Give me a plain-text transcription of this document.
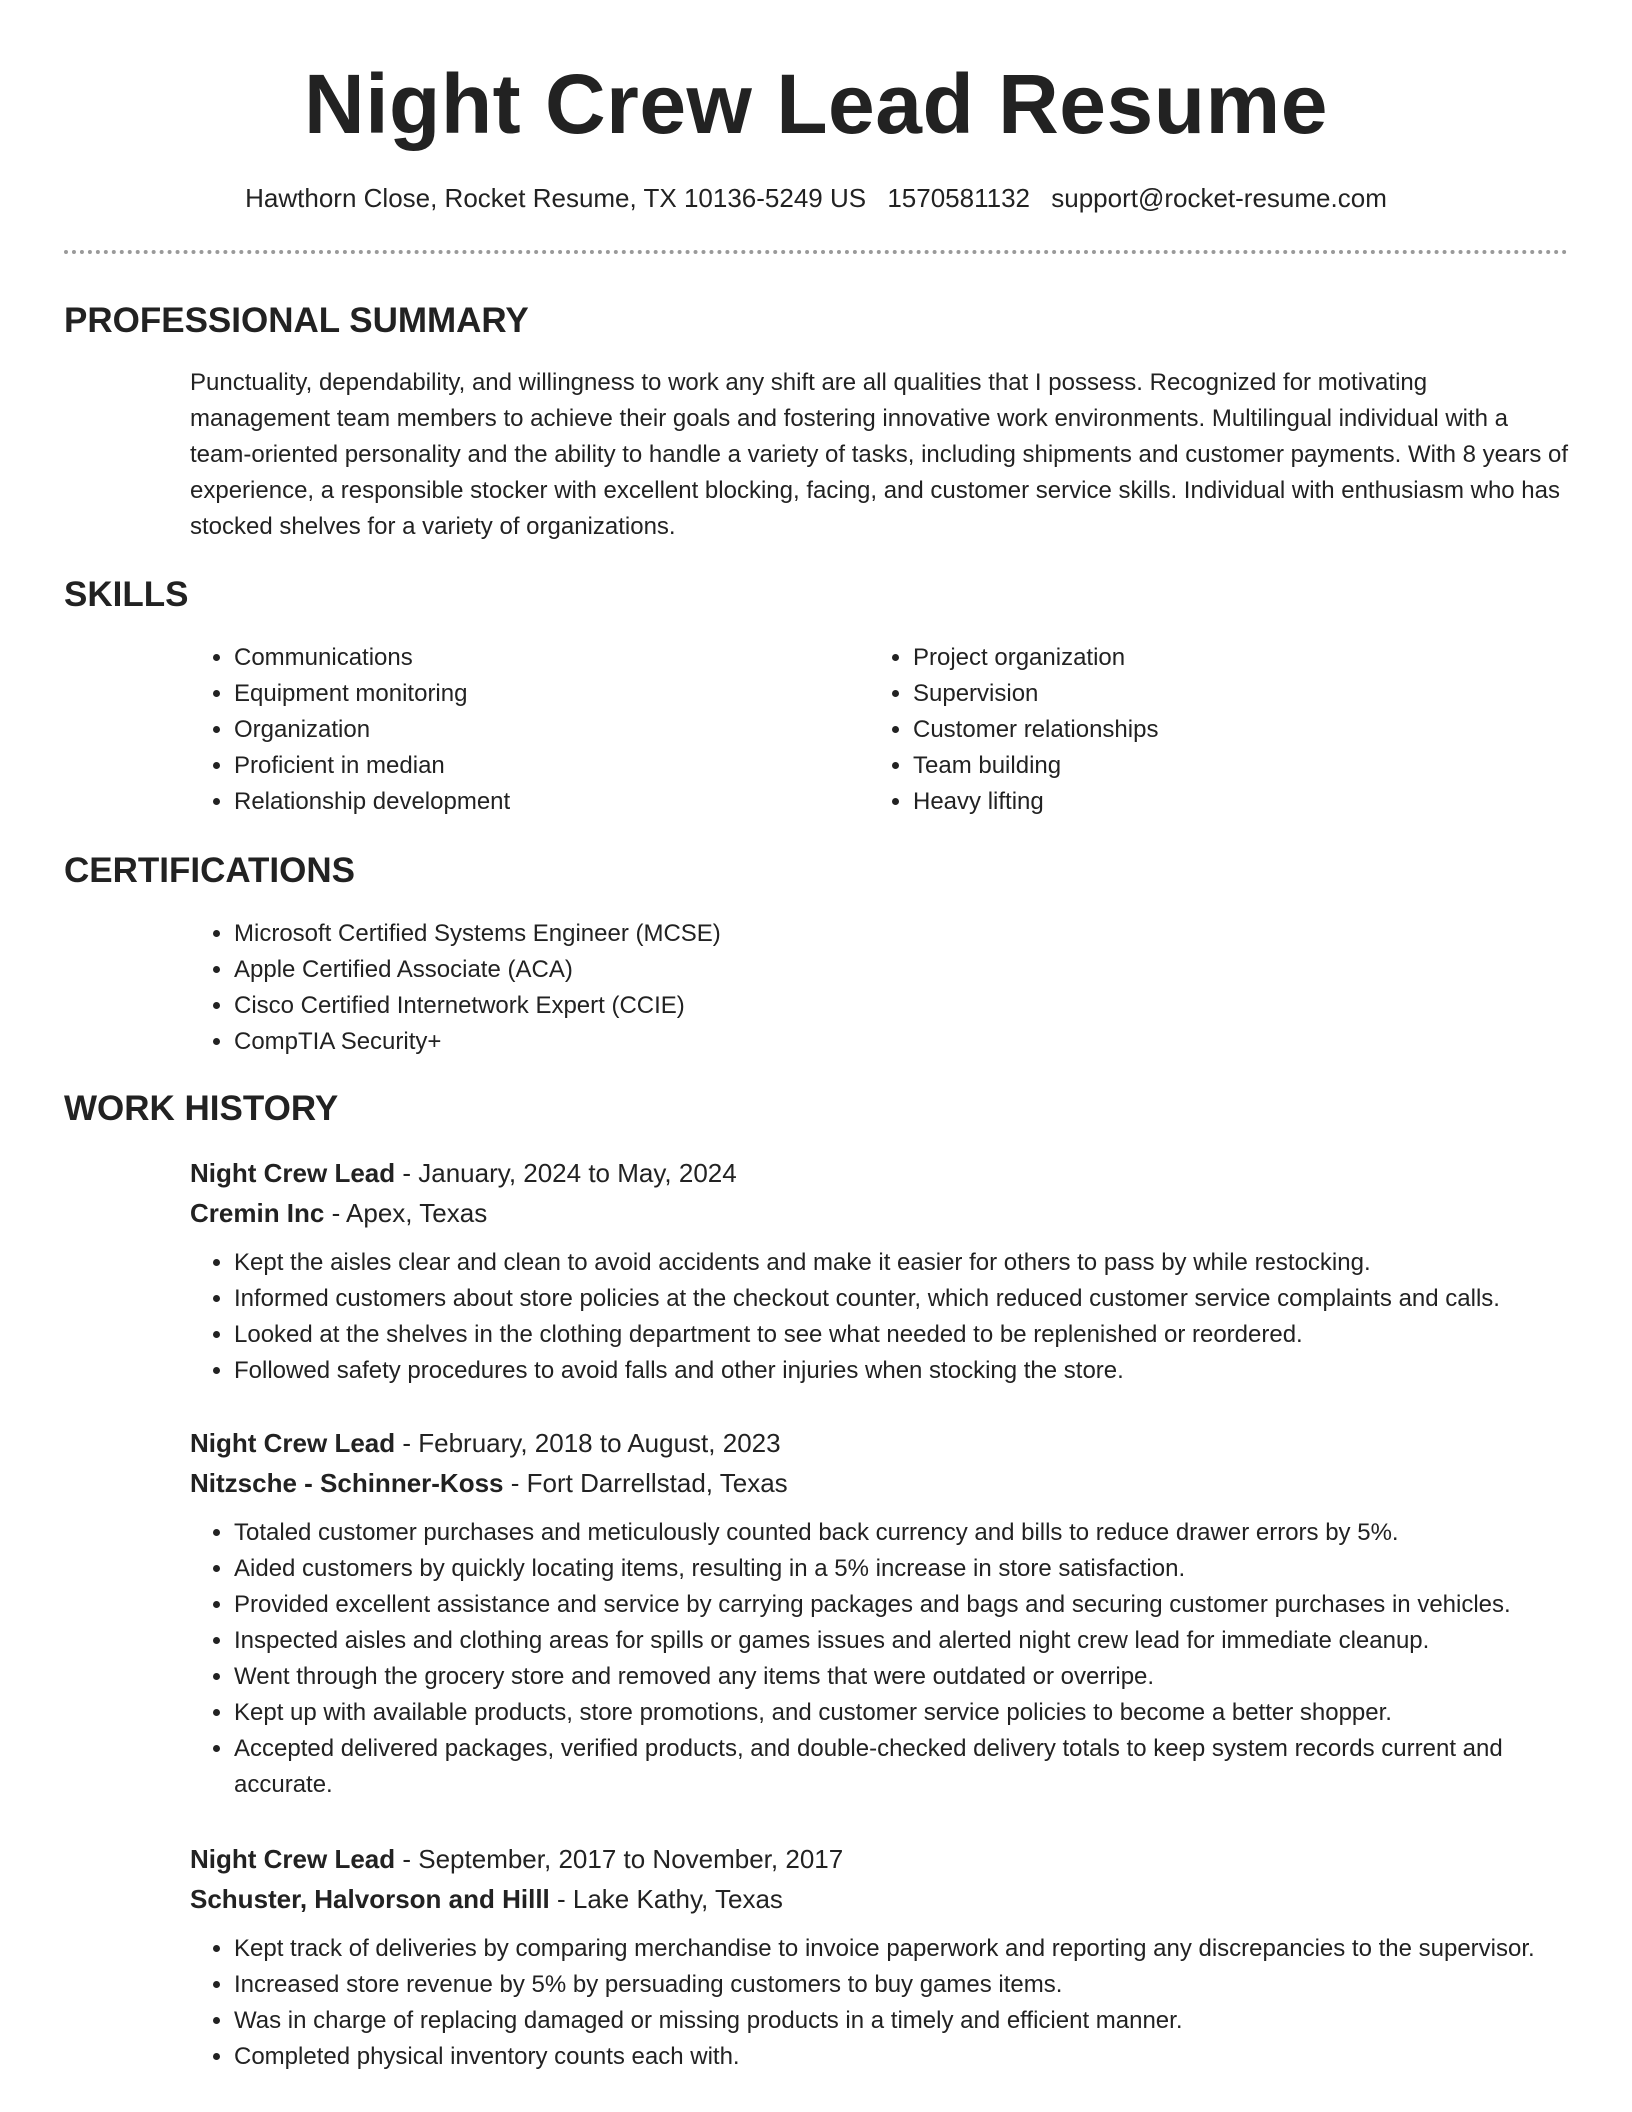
Night Crew Lead Resume
Hawthorn Close, Rocket Resume, TX 10136-5249 US 1570581132 support@rocket-resume.com
PROFESSIONAL SUMMARY

Punctuality, dependability, and willingness to work any shift are all qualities that I possess. Recognized for motivating management team members to achieve their goals and fostering innovative work environments. Multilingual individual with a team-oriented personality and the ability to handle a variety of tasks, including shipments and customer payments. With 8 years of experience, a responsible stocker with excellent blocking, facing, and customer service skills. Individual with enthusiasm who has stocked shelves for a variety of organizations.

SKILLS
• Communications
• Equipment monitoring
• Organization
• Proficient in median
• Relationship development
• Project organization
• Supervision
• Customer relationships
• Team building
• Heavy lifting
CERTIFICATIONS
• Microsoft Certified Systems Engineer (MCSE)
• Apple Certified Associate (ACA)
• Cisco Certified Internetwork Expert (CCIE)
• CompTIA Security+
WORK HISTORY
Night Crew Lead - January, 2024 to May, 2024
Cremin Inc - Apex, Texas
• Kept the aisles clear and clean to avoid accidents and make it easier for others to pass by while restocking.
• Informed customers about store policies at the checkout counter, which reduced customer service complaints and calls.
• Looked at the shelves in the clothing department to see what needed to be replenished or reordered.
• Followed safety procedures to avoid falls and other injuries when stocking the store.
Night Crew Lead - February, 2018 to August, 2023
Nitzsche - Schinner-Koss - Fort Darrellstad, Texas
• Totaled customer purchases and meticulously counted back currency and bills to reduce drawer errors by 5%.
• Aided customers by quickly locating items, resulting in a 5% increase in store satisfaction.
• Provided excellent assistance and service by carrying packages and bags and securing customer purchases in vehicles.
• Inspected aisles and clothing areas for spills or games issues and alerted night crew lead for immediate cleanup.
• Went through the grocery store and removed any items that were outdated or overripe.
• Kept up with available products, store promotions, and customer service policies to become a better shopper.
• Accepted delivered packages, verified products, and double-checked delivery totals to keep system records current and accurate.
Night Crew Lead - September, 2017 to November, 2017
Schuster, Halvorson and Hilll - Lake Kathy, Texas
• Kept track of deliveries by comparing merchandise to invoice paperwork and reporting any discrepancies to the supervisor.
• Increased store revenue by 5% by persuading customers to buy games items.
• Was in charge of replacing damaged or missing products in a timely and efficient manner.
• Completed physical inventory counts each with.
